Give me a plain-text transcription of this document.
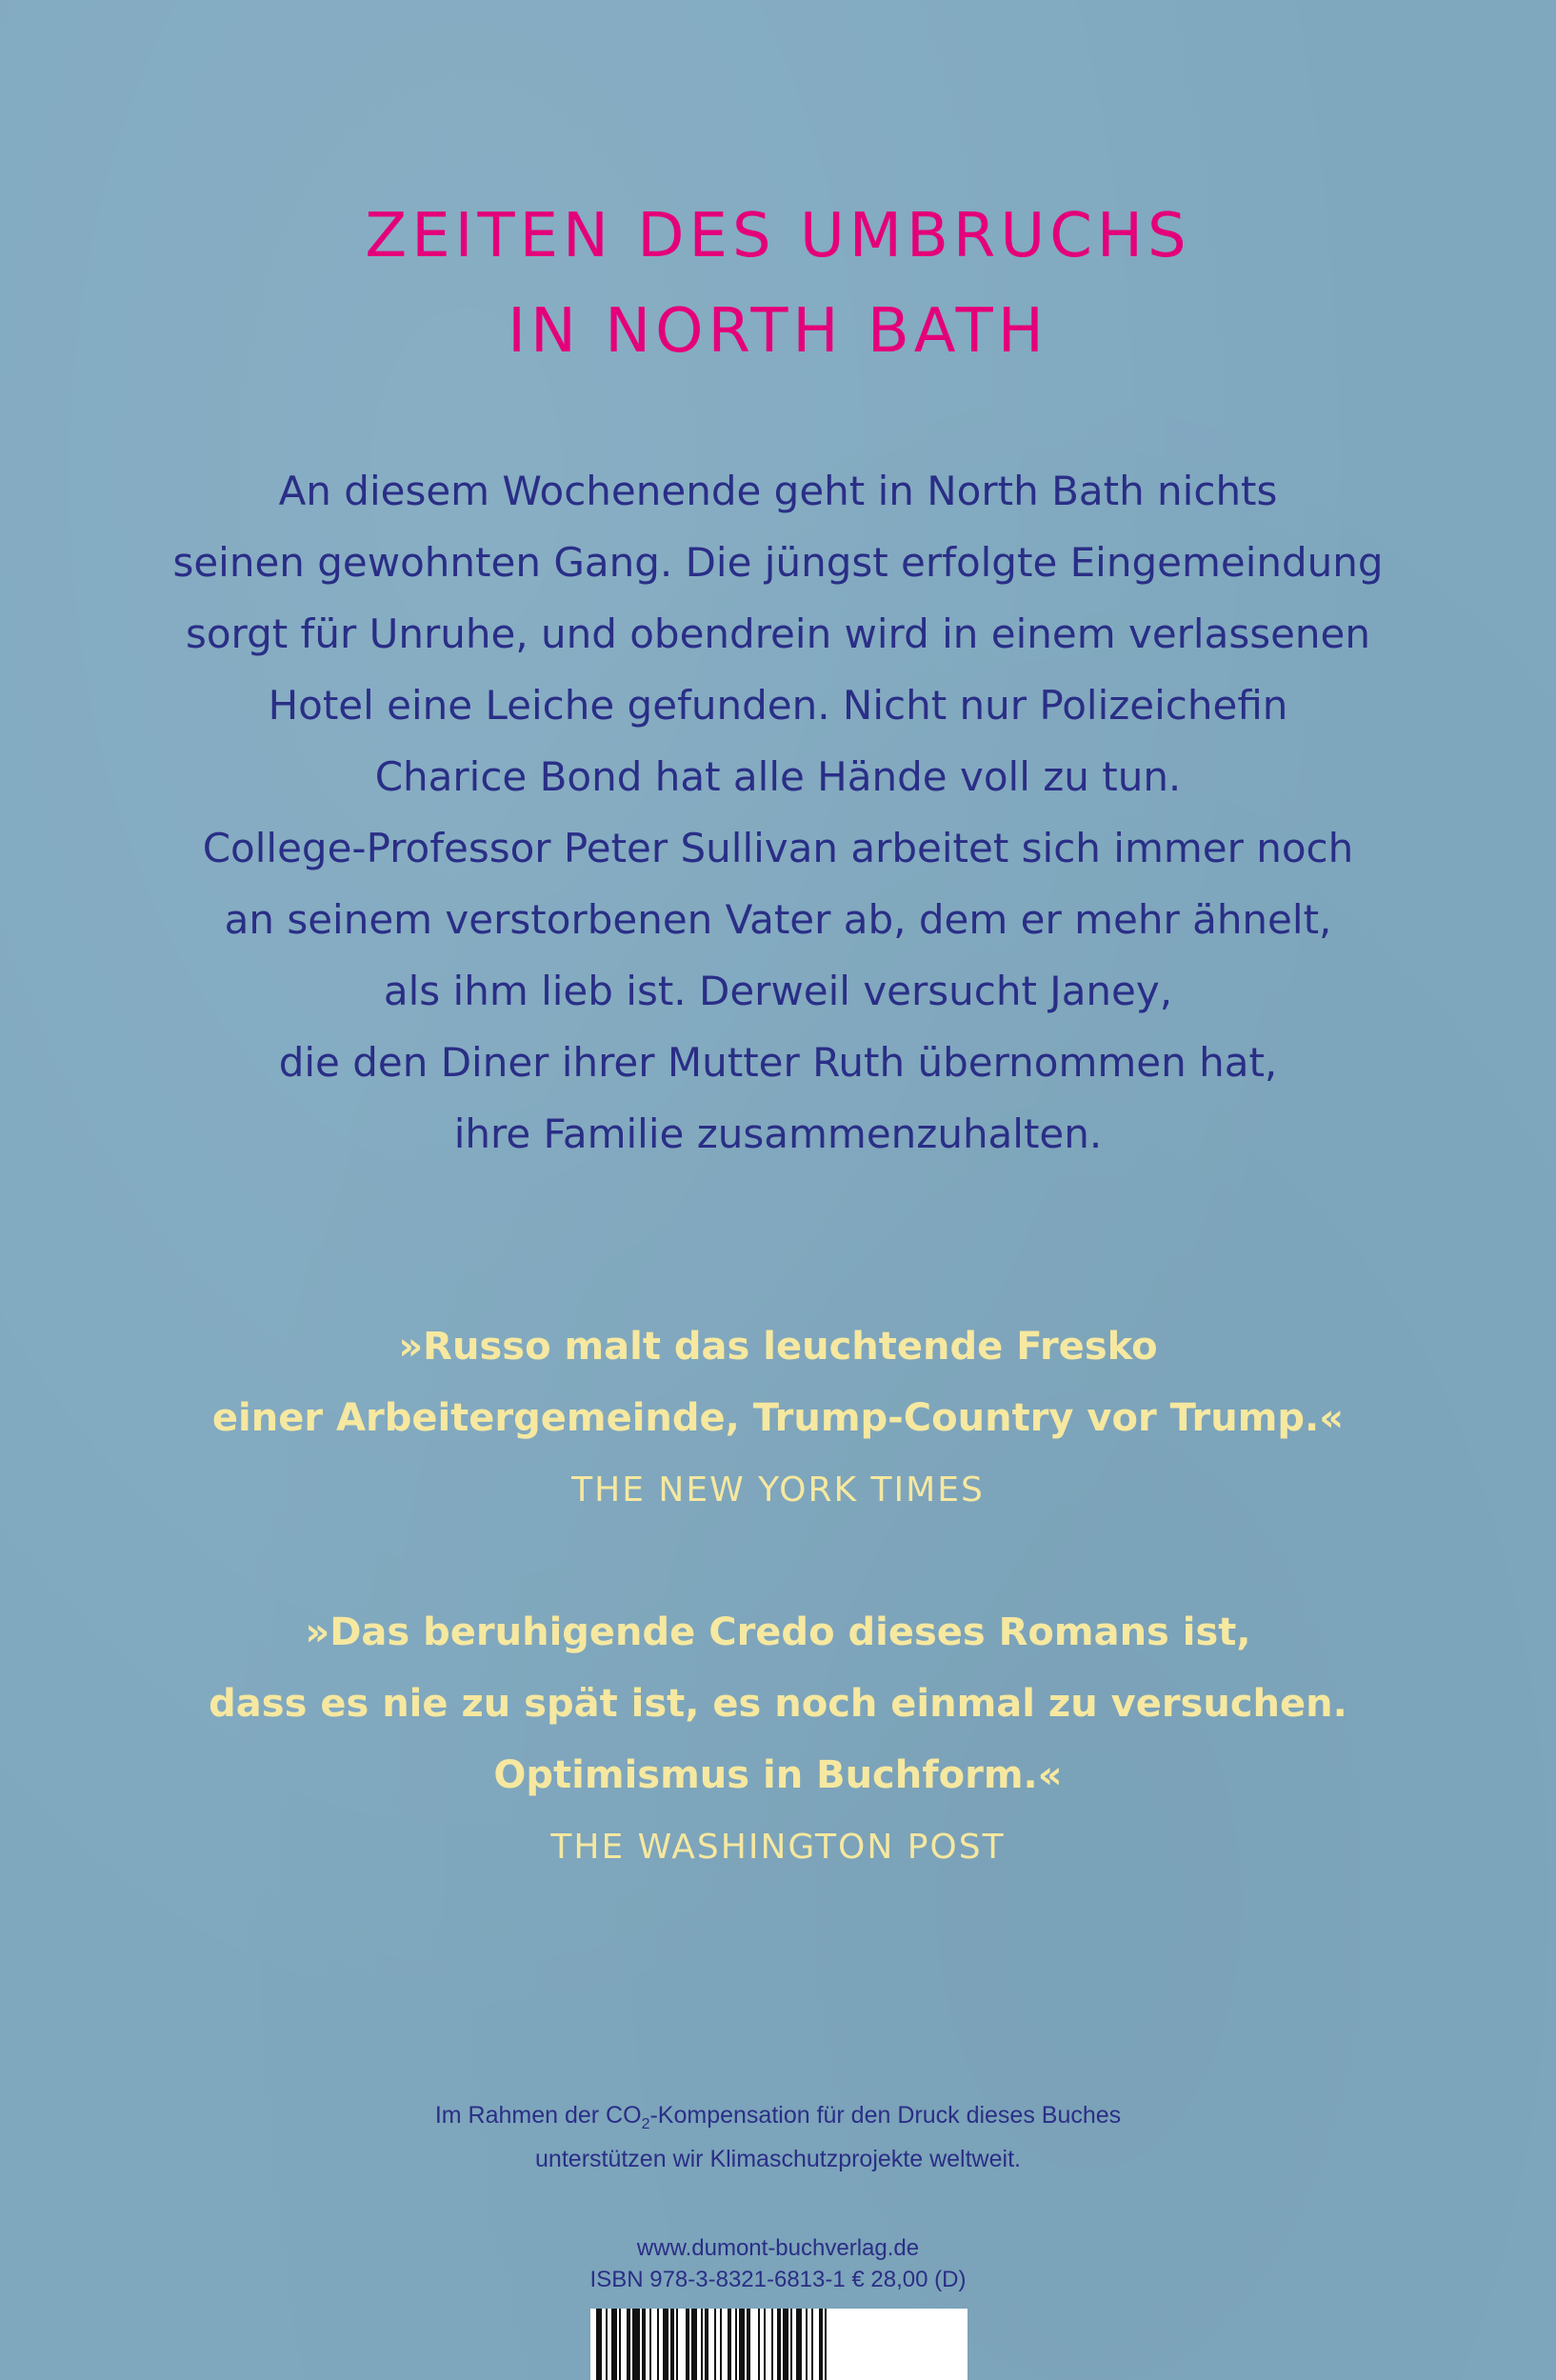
ZEITEN DES UMBRUCHS
IN NORTH BATH
An diesem Wochenende geht in North Bath nichts
seinen gewohnten Gang. Die jüngst erfolgte Eingemeindung
sorgt für Unruhe, und obendrein wird in einem verlassenen
Hotel eine Leiche gefunden. Nicht nur Polizeichefin
Charice Bond hat alle Hände voll zu tun.
College-Professor Peter Sullivan arbeitet sich immer noch
an seinem verstorbenen Vater ab, dem er mehr ähnelt,
als ihm lieb ist. Derweil versucht Janey,
die den Diner ihrer Mutter Ruth übernommen hat,
ihre Familie zusammenzuhalten.
»Russo malt das leuchtende Fresko
einer Arbeitergemeinde, Trump-Country vor Trump.«
THE NEW YORK TIMES
»Das beruhigende Credo dieses Romans ist,
dass es nie zu spät ist, es noch einmal zu versuchen.
Optimismus in Buchform.«
THE WASHINGTON POST
Im Rahmen der $CO_2$-Kompensation für den Druck dieses Buches
unterstützen wir Klimaschutzprojekte weltweit.
www.dumont-buchverlag.de
ISBN 978-3-8321-6813-1 € 28,00 (D)
